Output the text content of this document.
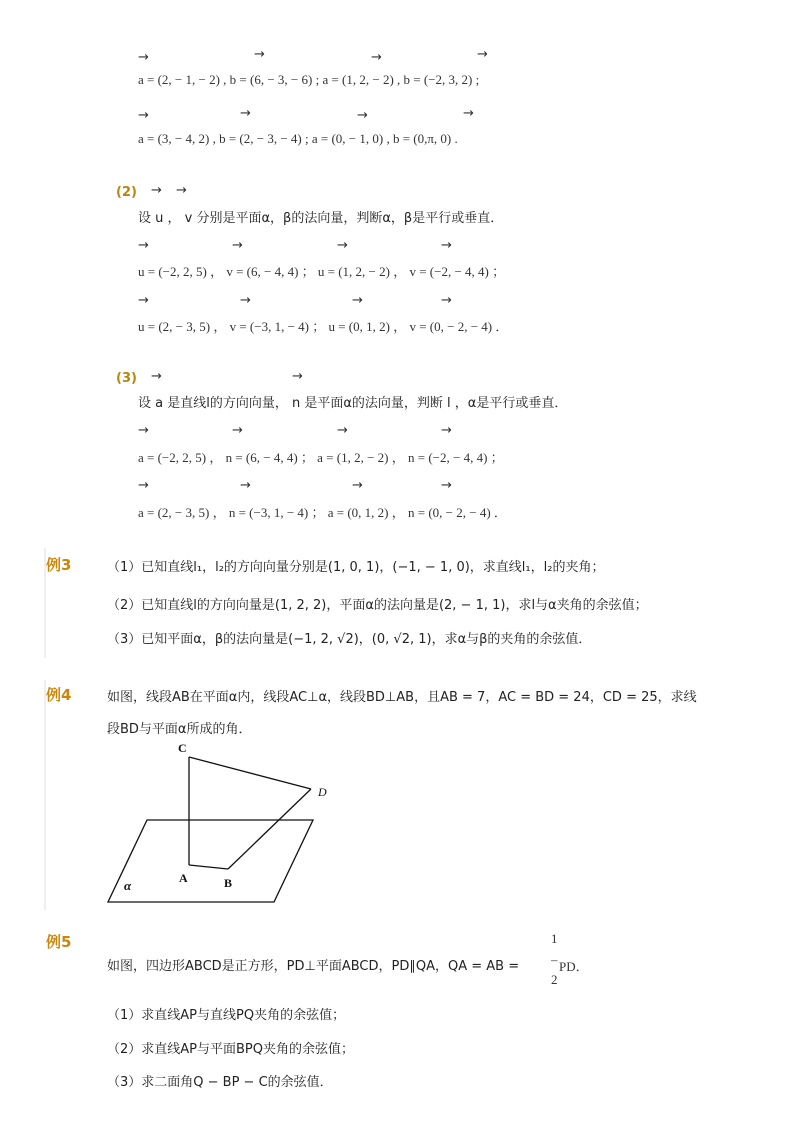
→	→	→	→
a = (2, − 1, − 2) , b = (6, − 3, − 6) ; a = (1, 2, − 2) , b = (−2, 3, 2) ;
→	→	→	→
a = (3, − 4, 2) , b = (2, − 3, − 4) ; a = (0, − 1, 0) , b = (0,π, 0) .
(2) → →
设 u ， v 分别是平面α，β的法向量，判断α，β是平行或垂直．
→	→	→	→
u = (−2, 2, 5) ， v = (6, − 4, 4) ； u = (1, 2, − 2) ， v = (−2, − 4, 4) ；
→	→	→	→
u = (2, − 3, 5) ， v = (−3, 1, − 4) ； u = (0, 1, 2) ， v = (0, − 2, − 4) ．
(3) →	→
设 a 是直线l的方向向量， n 是平面α的法向量，判断 l ，α是平行或垂直．
→	→	→	→
a = (−2, 2, 5) ， n = (6, − 4, 4) ； a = (1, 2, − 2) ， n = (−2, − 4, 4) ；
→	→	→	→
a = (2, − 3, 5) ， n = (−3, 1, − 4) ； a = (0, 1, 2) ， n = (0, − 2, − 4) ．
例3	（1）已知直线l₁，l₂的方向向量分别是(1, 0, 1)，(−1, − 1, 0)，求直线l₁，l₂的夹角；
（2）已知直线l的方向向量是(1, 2, 2)，平面α的法向量是(2, − 1, 1)，求l与α夹角的余弦值；
（3）已知平面α，β的法向量是(−1, 2, √2)，(0, √2, 1)，求α与β的夹角的余弦值．
例4	如图，线段AB在平面α内，线段AC⊥α，线段BD⊥AB，且AB = 7，AC = BD = 24，CD = 25，求线
段BD与平面α所成的角．
C
D
A	B
α
例5	1
如图，四边形ABCD是正方形，PD⊥平面ABCD，PD∥QA，QA = AB = – PD．
2
（1）求直线AP与直线PQ夹角的余弦值；
（2）求直线AP与平面BPQ夹角的余弦值；
（3）求二面角Q − BP − C的余弦值．
